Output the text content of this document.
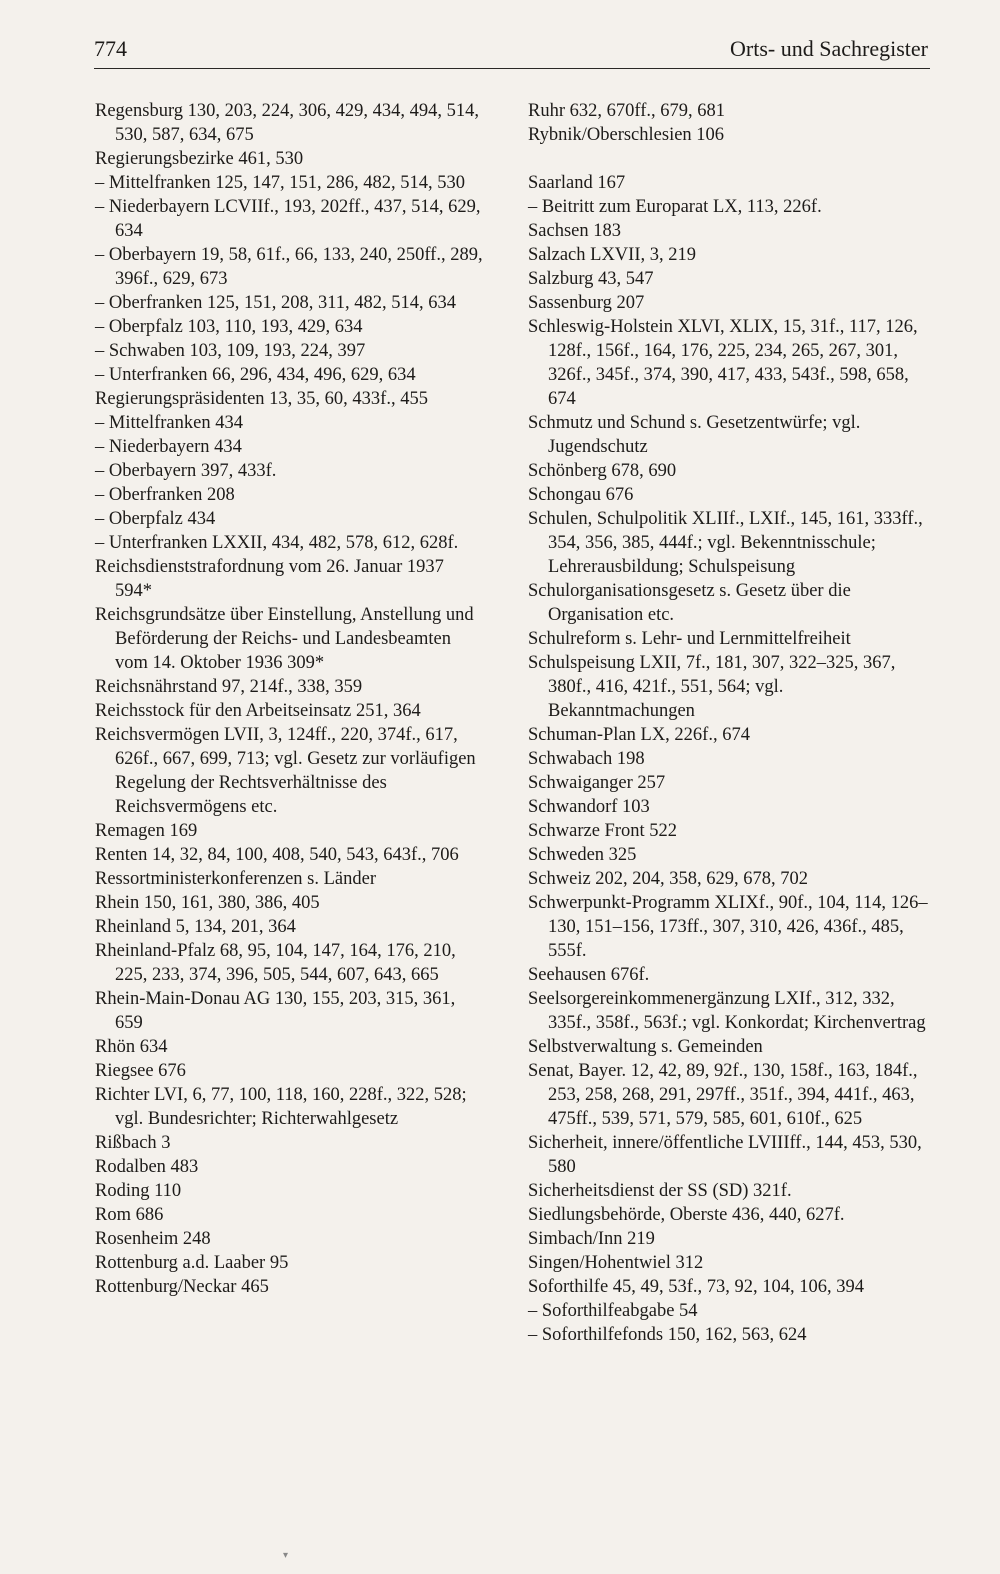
774	Orts- und Sachregister
Regensburg 130, 203, 224, 306, 429, 434, 494, 514, 530, 587, 634, 675
Regierungsbezirke 461, 530
– Mittelfranken 125, 147, 151, 286, 482, 514, 530
– Niederbayern LCVIIf., 193, 202ff., 437, 514, 629, 634
– Oberbayern 19, 58, 61f., 66, 133, 240, 250ff., 289, 396f., 629, 673
– Oberfranken 125, 151, 208, 311, 482, 514, 634
– Oberpfalz 103, 110, 193, 429, 634
– Schwaben 103, 109, 193, 224, 397
– Unterfranken 66, 296, 434, 496, 629, 634
Regierungspräsidenten 13, 35, 60, 433f., 455
– Mittelfranken 434
– Niederbayern 434
– Oberbayern 397, 433f.
– Oberfranken 208
– Oberpfalz 434
– Unterfranken LXXII, 434, 482, 578, 612, 628f.
Reichsdienststrafordnung vom 26. Januar 1937 594*
Reichsgrundsätze über Einstellung, Anstellung und Beförderung der Reichs- und Landesbeamten vom 14. Oktober 1936 309*
Reichsnährstand 97, 214f., 338, 359
Reichsstock für den Arbeitseinsatz 251, 364
Reichsvermögen LVII, 3, 124ff., 220, 374f., 617, 626f., 667, 699, 713; vgl. Gesetz zur vorläufigen Regelung der Rechtsverhältnisse des Reichsvermögens etc.
Remagen 169
Renten 14, 32, 84, 100, 408, 540, 543, 643f., 706
Ressortministerkonferenzen s. Länder
Rhein 150, 161, 380, 386, 405
Rheinland 5, 134, 201, 364
Rheinland-Pfalz 68, 95, 104, 147, 164, 176, 210, 225, 233, 374, 396, 505, 544, 607, 643, 665
Rhein-Main-Donau AG 130, 155, 203, 315, 361, 659
Rhön 634
Riegsee 676
Richter LVI, 6, 77, 100, 118, 160, 228f., 322, 528; vgl. Bundesrichter; Richterwahlgesetz
Rißbach 3
Rodalben 483
Roding 110
Rom 686
Rosenheim 248
Rottenburg a.d. Laaber 95
Rottenburg/Neckar 465
Ruhr 632, 670ff., 679, 681
Rybnik/Oberschlesien 106
Saarland 167
– Beitritt zum Europarat LX, 113, 226f.
Sachsen 183
Salzach LXVII, 3, 219
Salzburg 43, 547
Sassenburg 207
Schleswig-Holstein XLVI, XLIX, 15, 31f., 117, 126, 128f., 156f., 164, 176, 225, 234, 265, 267, 301, 326f., 345f., 374, 390, 417, 433, 543f., 598, 658, 674
Schmutz und Schund s. Gesetzentwürfe; vgl. Jugendschutz
Schönberg 678, 690
Schongau 676
Schulen, Schulpolitik XLIIf., LXIf., 145, 161, 333ff., 354, 356, 385, 444f.; vgl. Bekenntnisschule; Lehrerausbildung; Schulspeisung
Schulorganisationsgesetz s. Gesetz über die Organisation etc.
Schulreform s. Lehr- und Lernmittelfreiheit
Schulspeisung LXII, 7f., 181, 307, 322–325, 367, 380f., 416, 421f., 551, 564; vgl. Bekanntmachungen
Schuman-Plan LX, 226f., 674
Schwabach 198
Schwaiganger 257
Schwandorf 103
Schwarze Front 522
Schweden 325
Schweiz 202, 204, 358, 629, 678, 702
Schwerpunkt-Programm XLIXf., 90f., 104, 114, 126–130, 151–156, 173ff., 307, 310, 426, 436f., 485, 555f.
Seehausen 676f.
Seelsorgereinkommenergänzung LXIf., 312, 332, 335f., 358f., 563f.; vgl. Konkordat; Kirchenvertrag
Selbstverwaltung s. Gemeinden
Senat, Bayer. 12, 42, 89, 92f., 130, 158f., 163, 184f., 253, 258, 268, 291, 297ff., 351f., 394, 441f., 463, 475ff., 539, 571, 579, 585, 601, 610f., 625
Sicherheit, innere/öffentliche LVIIIff., 144, 453, 530, 580
Sicherheitsdienst der SS (SD) 321f.
Siedlungsbehörde, Oberste 436, 440, 627f.
Simbach/Inn 219
Singen/Hohentwiel 312
Soforthilfe 45, 49, 53f., 73, 92, 104, 106, 394
– Soforthilfeabgabe 54
– Soforthilfefonds 150, 162, 563, 624
▾
